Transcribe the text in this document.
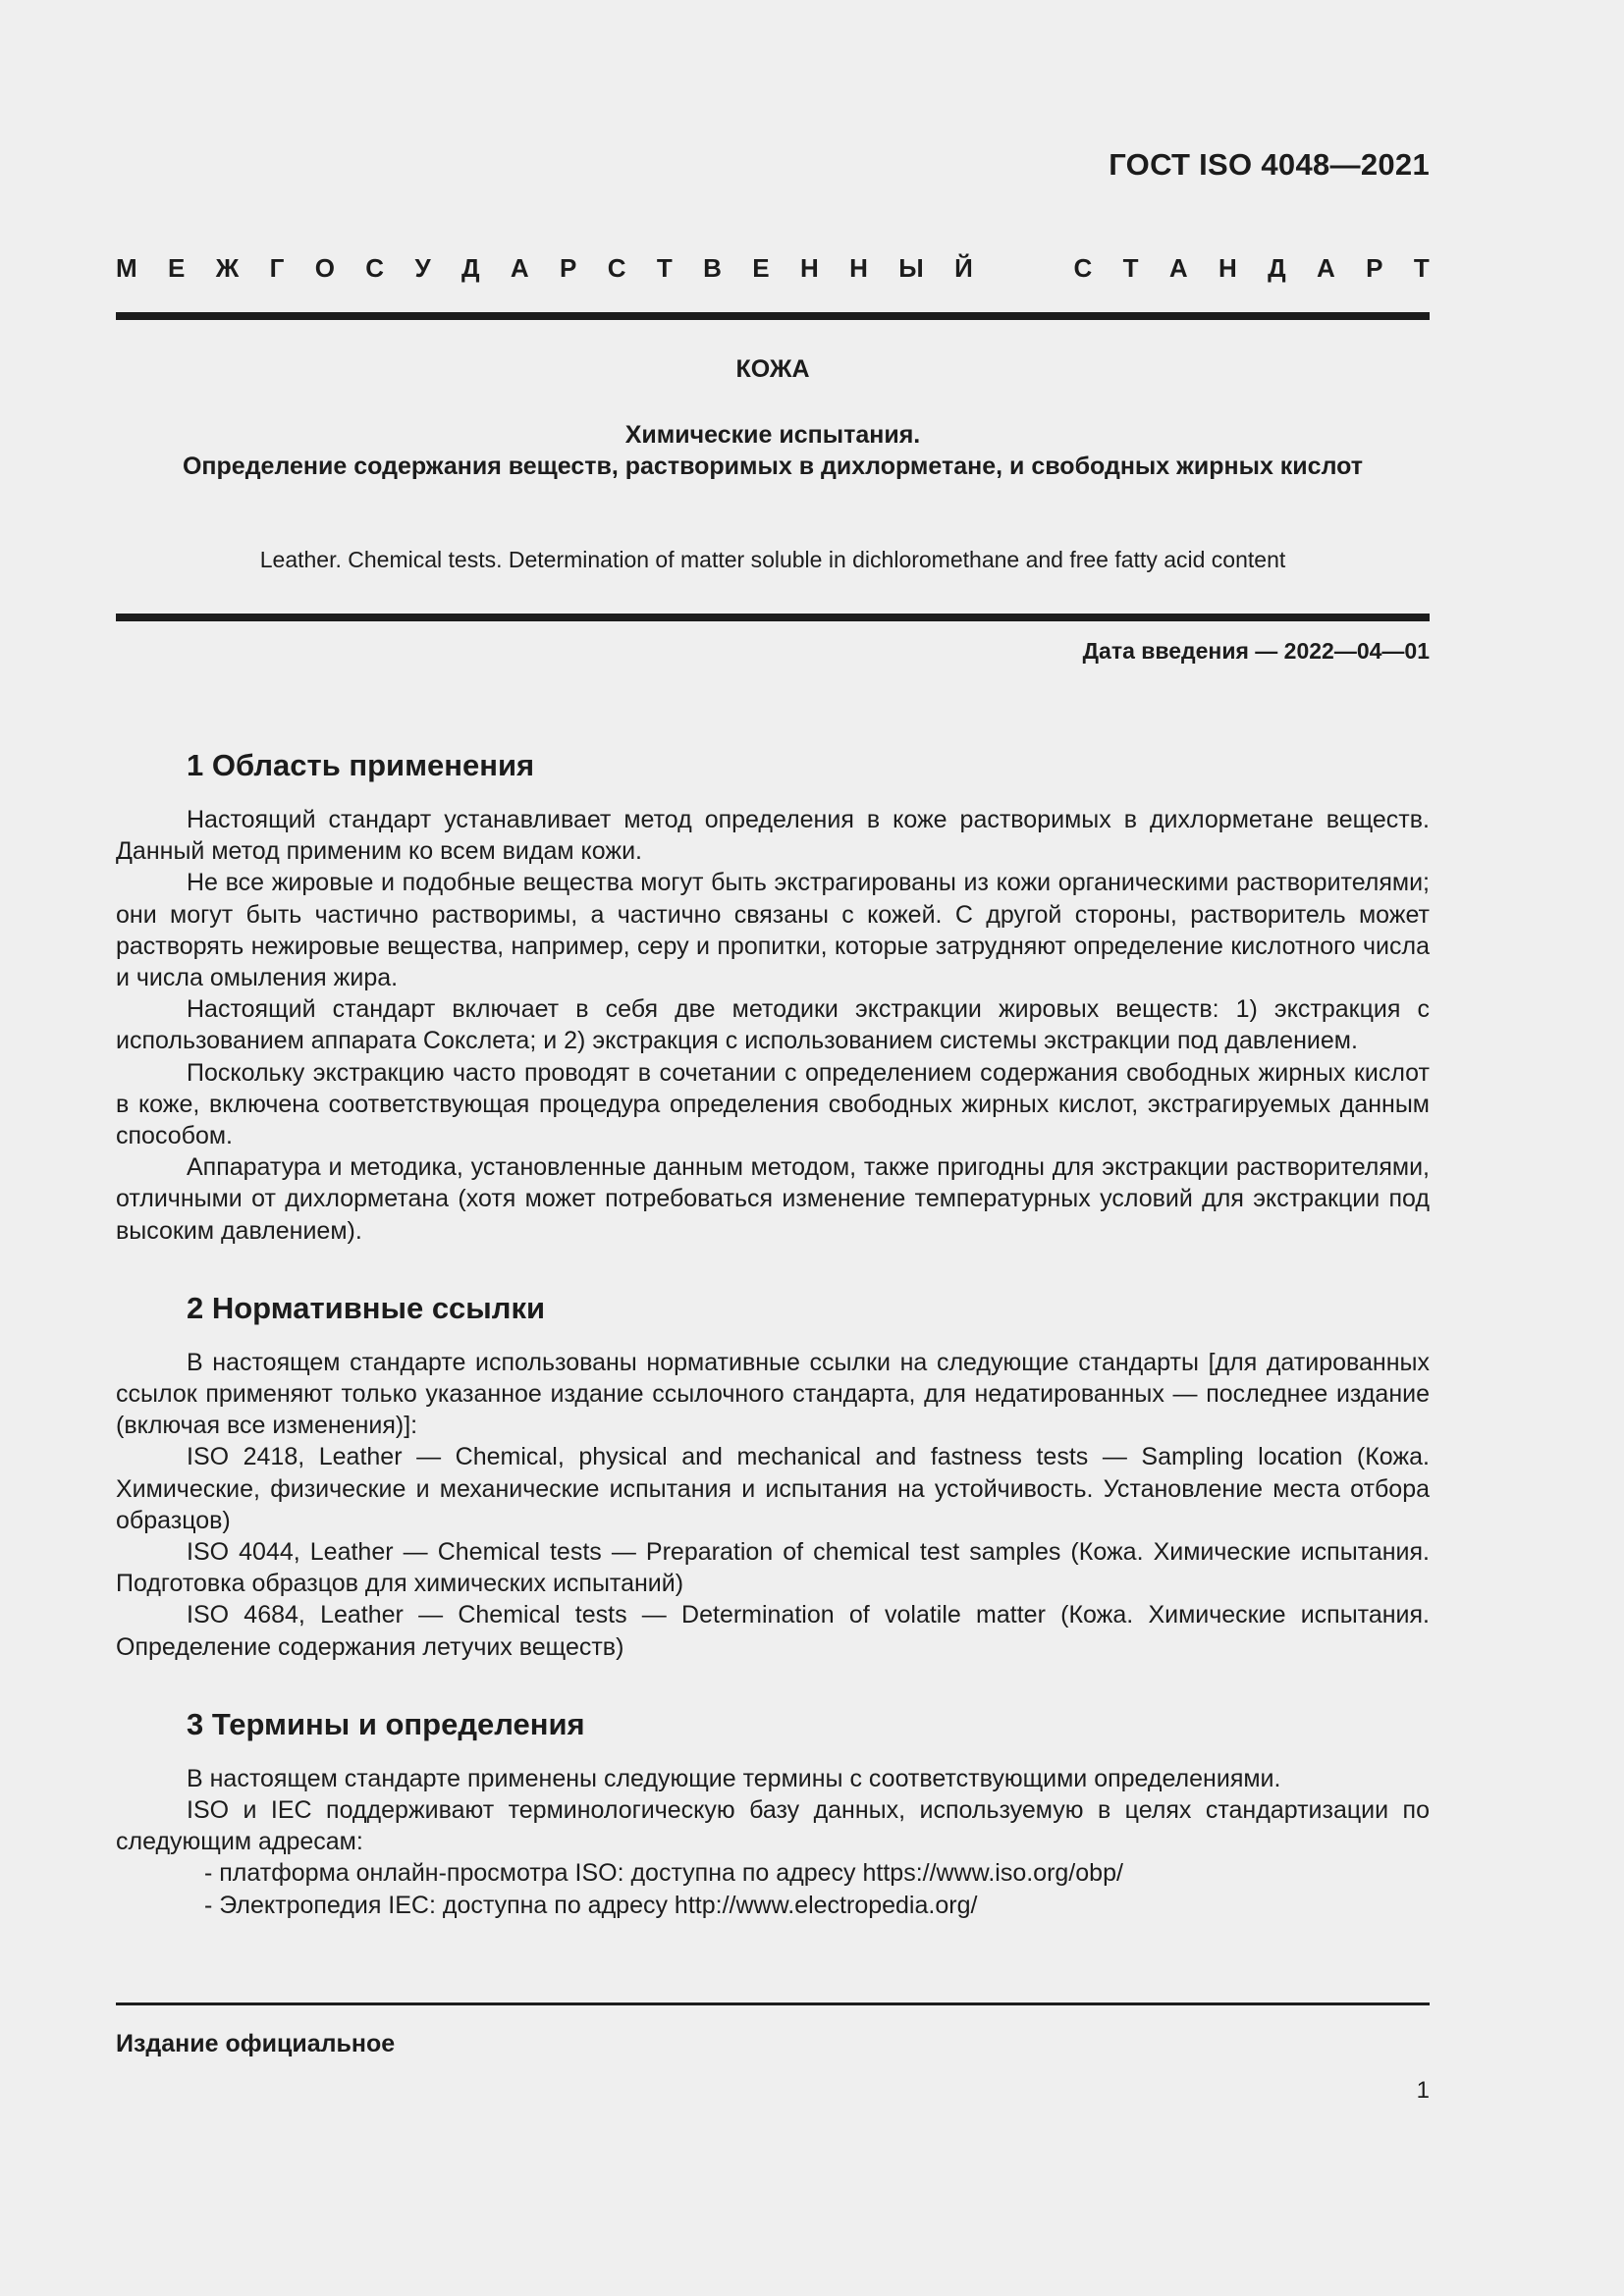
ГОСТ ISO 4048—2021
М Е Ж Г О С У Д А Р С Т В Е Н Н Ы Й	С Т А Н Д А Р Т
КОЖА
Химические испытания.
Определение содержания веществ, растворимых в дихлорметане, и свободных жирных кислот
Leather. Chemical tests. Determination of matter soluble in dichloromethane and free fatty acid content
Дата введения — 2022—04—01
1 Область применения

Настоящий стандарт устанавливает метод определения в коже растворимых в дихлорметане веществ. Данный метод применим ко всем видам кожи.

Не все жировые и подобные вещества могут быть экстрагированы из кожи органическими растворителями; они могут быть частично растворимы, а частично связаны с кожей. С другой стороны, растворитель может растворять нежировые вещества, например, серу и пропитки, которые затрудняют определение кислотного числа и числа омыления жира.

Настоящий стандарт включает в себя две методики экстракции жировых веществ: 1) экстракция с использованием аппарата Сокслета; и 2) экстракция с использованием системы экстракции под давлением.

Поскольку экстракцию часто проводят в сочетании с определением содержания свободных жирных кислот в коже, включена соответствующая процедура определения свободных жирных кислот, экстрагируемых данным способом.

Аппаратура и методика, установленные данным методом, также пригодны для экстракции растворителями, отличными от дихлорметана (хотя может потребоваться изменение температурных условий для экстракции под высоким давлением).

2 Нормативные ссылки

В настоящем стандарте использованы нормативные ссылки на следующие стандарты [для датированных ссылок применяют только указанное издание ссылочного стандарта, для недатированных — последнее издание (включая все изменения)]:

ISO 2418, Leather — Chemical, physical and mechanical and fastness tests — Sampling location (Кожа. Химические, физические и механические испытания и испытания на устойчивость. Установление места отбора образцов)

ISO 4044, Leather — Chemical tests — Preparation of chemical test samples (Кожа. Химические испытания. Подготовка образцов для химических испытаний)

ISO 4684, Leather — Chemical tests — Determination of volatile matter (Кожа. Химические испытания. Определение содержания летучих веществ)

3 Термины и определения

В настоящем стандарте применены следующие термины с соответствующими определениями.

ISO и IEC поддерживают терминологическую базу данных, используемую в целях стандартизации по следующим адресам:

- платформа онлайн-просмотра ISO: доступна по адресу https://www.iso.org/obp/

- Электропедия IEC: доступна по адресу http://www.electropedia.org/

Издание официальное
1
